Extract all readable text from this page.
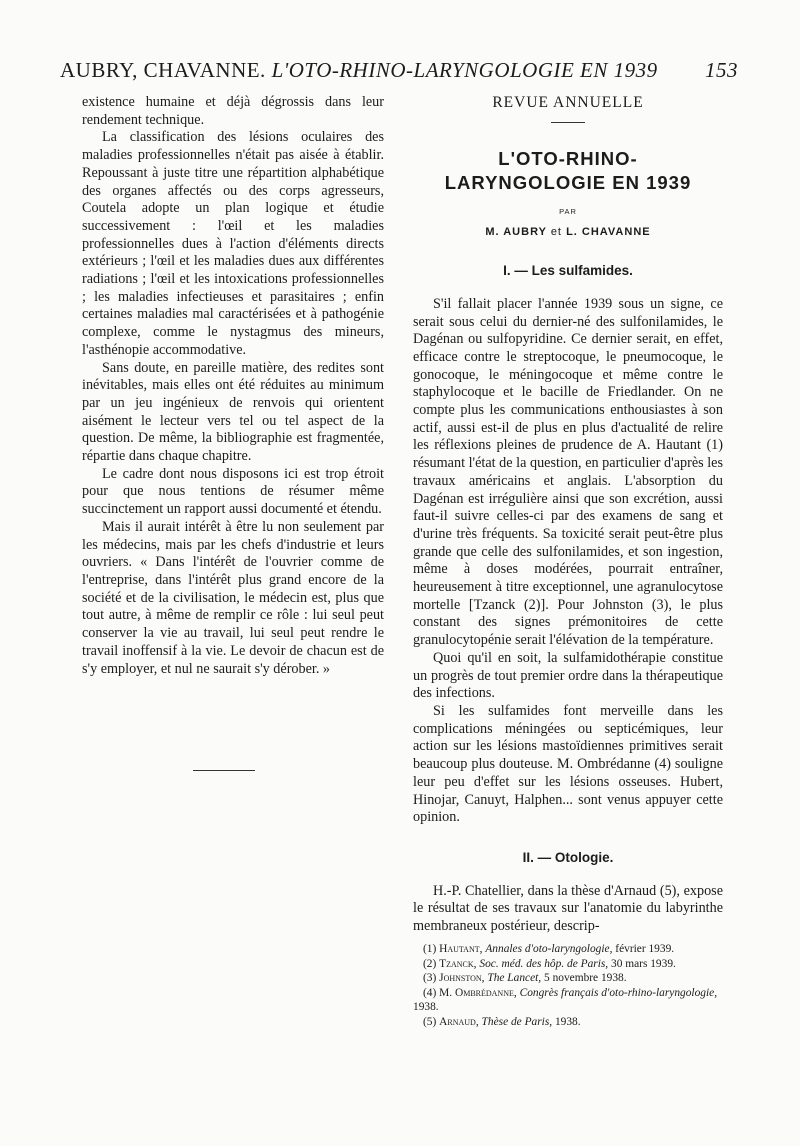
AUBRY, CHAVANNE. L'OTO-RHINO-LARYNGOLOGIE EN 1939 153

existence humaine et déjà dégrossis dans leur rendement technique.

La classification des lésions oculaires des maladies professionnelles n'était pas aisée à établir. Repoussant à juste titre une répartition alphabétique des organes affectés ou des corps agresseurs, Coutela adopte un plan logique et étudie successivement : l'œil et les maladies professionnelles dues à l'action d'éléments directs extérieurs ; l'œil et les maladies dues aux différentes radiations ; l'œil et les intoxications professionnelles ; les maladies infectieuses et parasitaires ; enfin certaines maladies mal caractérisées et à pathogénie complexe, comme le nystagmus des mineurs, l'asthénopie accommodative.

Sans doute, en pareille matière, des redites sont inévitables, mais elles ont été réduites au minimum par un jeu ingénieux de renvois qui orientent aisément le lecteur vers tel ou tel aspect de la question. De même, la bibliographie est fragmentée, répartie dans chaque chapitre.

Le cadre dont nous disposons ici est trop étroit pour que nous tentions de résumer même succinctement un rapport aussi documenté et étendu.

Mais il aurait intérêt à être lu non seulement par les médecins, mais par les chefs d'industrie et leurs ouvriers. « Dans l'intérêt de l'ouvrier comme de l'entreprise, dans l'intérêt plus grand encore de la société et de la civilisation, le médecin est, plus que tout autre, à même de remplir ce rôle : lui seul peut conserver la vie au travail, lui seul peut rendre le travail inoffensif à la vie. Le devoir de chacun est de s'y employer, et nul ne saurait s'y dérober. »

REVUE ANNUELLE
L'OTO-RHINO-
LARYNGOLOGIE EN 1939
PAR
M. AUBRY et L. CHAVANNE
I. — Les sulfamides.

S'il fallait placer l'année 1939 sous un signe, ce serait sous celui du dernier-né des sulfonilamides, le Dagénan ou sulfopyridine. Ce dernier serait, en effet, efficace contre le streptocoque, le pneumocoque, le gonocoque, le méningocoque et même contre le staphylocoque et le bacille de Friedlander. On ne compte plus les communications enthousiastes à son actif, aussi est-il de plus en plus d'actualité de relire les réflexions pleines de prudence de A. Hautant (1) résumant l'état de la question, en particulier d'après les travaux américains et anglais. L'absorption du Dagénan est irrégulière ainsi que son excrétion, aussi faut-il suivre celles-ci par des examens de sang et d'urine très fréquents. Sa toxicité serait peut-être plus grande que celle des sulfonilamides, et son ingestion, même à doses modérées, pourrait entraîner, heureusement à titre exceptionnel, une agranulocytose mortelle [Tzanck (2)]. Pour Johnston (3), le plus constant des signes prémonitoires de cette granulocytopénie serait l'élévation de la température.

Quoi qu'il en soit, la sulfamidothérapie constitue un progrès de tout premier ordre dans la thérapeutique des infections.

Si les sulfamides font merveille dans les complications méningées ou septicémiques, leur action sur les lésions mastoïdiennes primitives serait beaucoup plus douteuse. M. Ombrédanne (4) souligne leur peu d'effet sur les lésions osseuses. Hubert, Hinojar, Canuyt, Halphen... sont venus appuyer cette opinion.

II. — Otologie.

H.-P. Chatellier, dans la thèse d'Arnaud (5), expose le résultat de ses travaux sur l'anatomie du labyrinthe membraneux postérieur, descrip-

(1) Hautant, Annales d'oto-laryngologie, février 1939.
(2) Tzanck, Soc. méd. des hôp. de Paris, 30 mars 1939.
(3) Johnston, The Lancet, 5 novembre 1938.
(4) M. Ombrédanne, Congrès français d'oto-rhino-laryngologie, 1938.
(5) Arnaud, Thèse de Paris, 1938.
